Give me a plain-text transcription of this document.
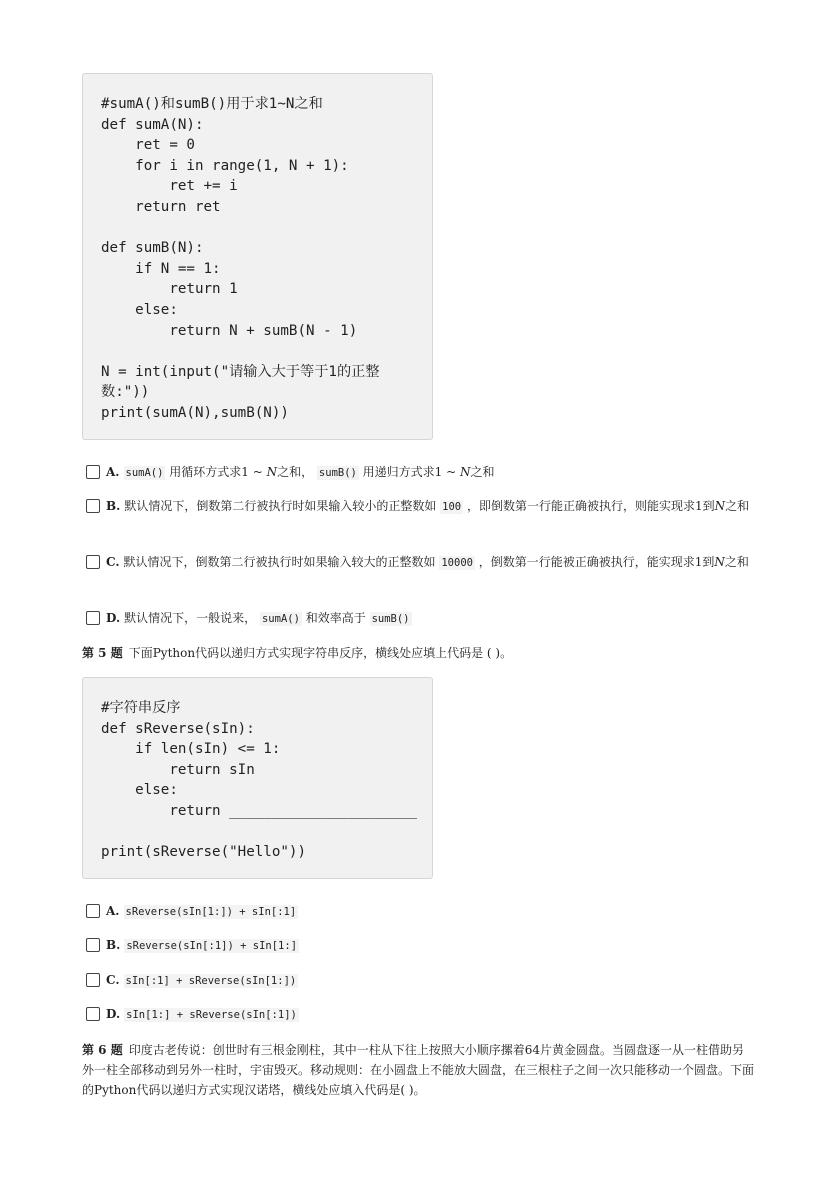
#sumA()和sumB()用于求1~N之和
def sumA(N):
ret = 0
for i in range(1, N + 1):
ret += i
return ret

def sumB(N):
if N == 1:
return 1
else:
return N + sumB(N - 1)

N = int(input("请输入大于等于1的正整
数:"))
print(sumA(N),sumB(N))
A. sumA() 用循环方式求1 ~ N之和， sumB() 用递归方式求1 ~ N之和
B. 默认情况下，倒数第二行被执行时如果输入较小的正整数如 100 ，即倒数第一行能正确被执行，则能实现求1到N之和
C. 默认情况下，倒数第二行被执行时如果输入较大的正整数如 10000 ，倒数第一行能被正确被执行，能实现求1到N之和
D. 默认情况下，一般说来， sumA() 和效率高于 sumB()
第 5 题 下面Python代码以递归方式实现字符串反序，横线处应填上代码是 ( )。
#字符串反序
def sReverse(sIn):
if len(sIn) <= 1:
return sIn
else:
return ______________________

print(sReverse("Hello"))
A. sReverse(sIn[1:]) + sIn[:1]
B. sReverse(sIn[:1]) + sIn[1:]
C. sIn[:1] + sReverse(sIn[1:])
D. sIn[1:] + sReverse(sIn[:1])
第 6 题 印度古老传说：创世时有三根金刚柱，其中一柱从下往上按照大小顺序摞着64片黄金圆盘。当圆盘逐一从一柱借助另外一柱全部移动到另外一柱时，宇宙毁灭。移动规则：在小圆盘上不能放大圆盘，在三根柱子之间一次只能移动一个圆盘。下面的Python代码以递归方式实现汉诺塔，横线处应填入代码是( )。
